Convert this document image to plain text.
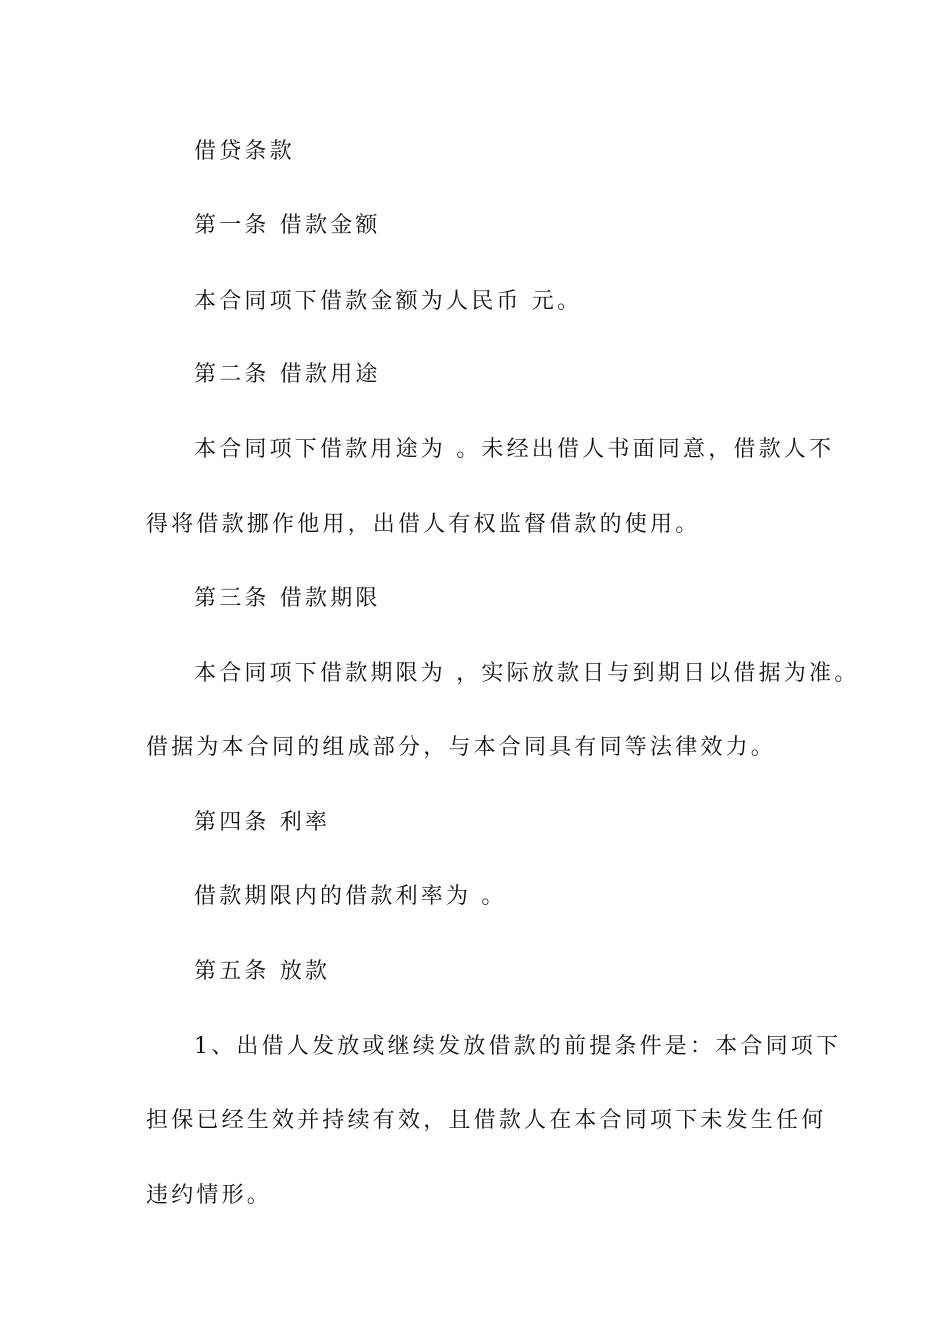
借贷条款
第一条 借款金额
本合同项下借款金额为人民币 元。
第二条 借款用途
本合同项下借款用途为 。未经出借人书面同意，借款人不
得将借款挪作他用，出借人有权监督借款的使用。
第三条 借款期限
本合同项下借款期限为 ，实际放款日与到期日以借据为准。
借据为本合同的组成部分，与本合同具有同等法律效力。
第四条 利率
借款期限内的借款利率为 。
第五条 放款
1、出借人发放或继续发放借款的前提条件是：本合同项下
担保已经生效并持续有效，且借款人在本合同项下未发生任何
违约情形。
